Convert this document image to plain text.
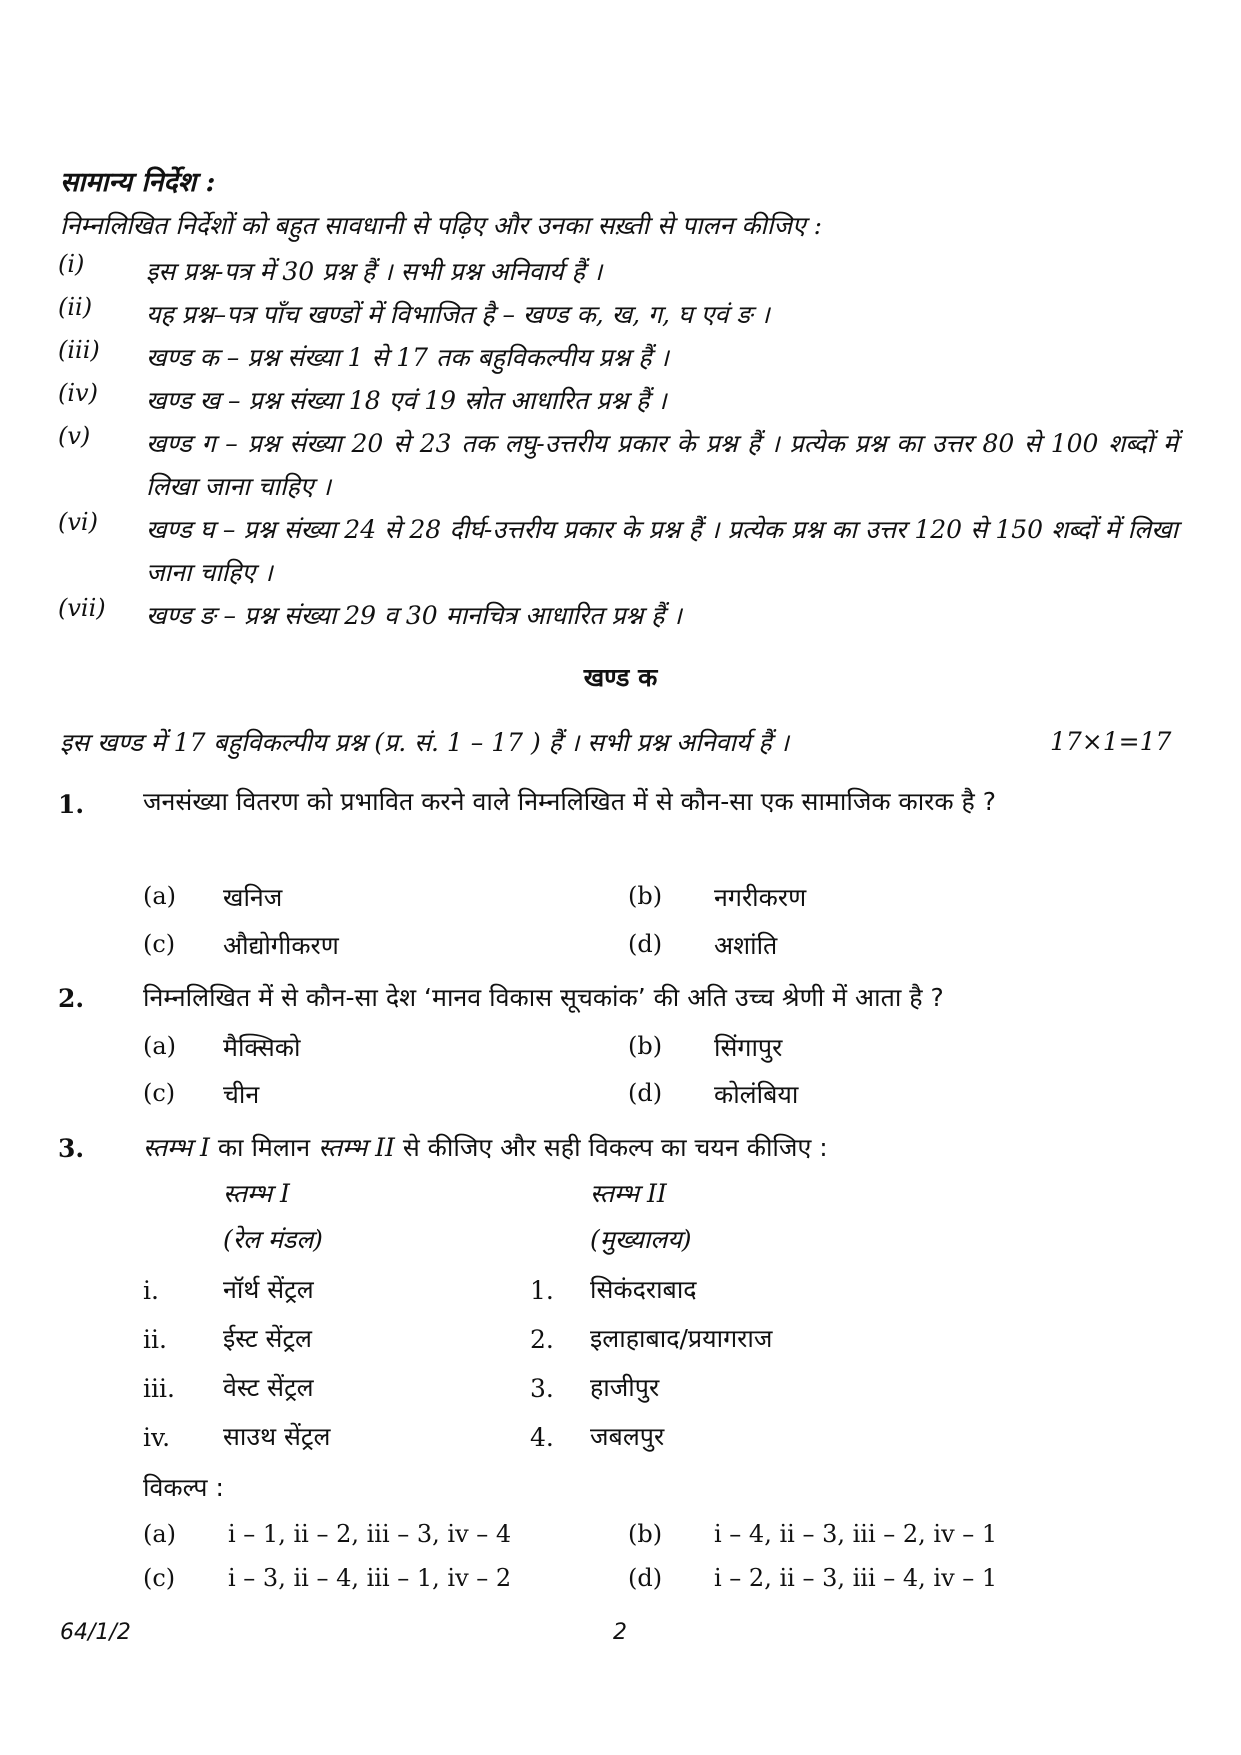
सामान्य निर्देश :
निम्नलिखित निर्देशों को बहुत सावधानी से पढ़िए और उनका सख़्ती से पालन कीजिए :
(i) इस प्रश्न-पत्र में 30 प्रश्न हैं । सभी प्रश्न अनिवार्य हैं ।
(ii) यह प्रश्न–पत्र पाँच खण्डों में विभाजित है – खण्ड क, ख, ग, घ एवं ङ ।
(iii) खण्ड क – प्रश्न संख्या 1 से 17 तक बहुविकल्पीय प्रश्न हैं ।
(iv) खण्ड ख – प्रश्न संख्या 18 एवं 19 स्रोत आधारित प्रश्न हैं ।
(v) खण्ड ग – प्रश्न संख्या 20 से 23 तक लघु-उत्तरीय प्रकार के प्रश्न हैं । प्रत्येक प्रश्न का उत्तर 80 से 100 शब्दों में लिखा जाना चाहिए ।
(vi) खण्ड घ – प्रश्न संख्या 24 से 28 दीर्घ-उत्तरीय प्रकार के प्रश्न हैं । प्रत्येक प्रश्न का उत्तर 120 से 150 शब्दों में लिखा जाना चाहिए ।
(vii) खण्ड ङ – प्रश्न संख्या 29 व 30 मानचित्र आधारित प्रश्न हैं ।
खण्ड क
इस खण्ड में 17 बहुविकल्पीय प्रश्न (प्र. सं. 1 – 17 ) हैं । सभी प्रश्न अनिवार्य हैं ।	17×1=17
1. जनसंख्या वितरण को प्रभावित करने वाले निम्नलिखित में से कौन-सा एक सामाजिक कारक है ?
(a) खनिज	(b) नगरीकरण
(c) औद्योगीकरण	(d) अशांति
2. निम्नलिखित में से कौन-सा देश ‘मानव विकास सूचकांक’ की अति उच्च श्रेणी में आता है ?
(a) मैक्सिको	(b) सिंगापुर
(c) चीन	(d) कोलंबिया
3. स्तम्भ I का मिलान स्तम्भ II से कीजिए और सही विकल्प का चयन कीजिए :
स्तम्भ I
(रेल मंडल)
स्तम्भ II
(मुख्यालय)
i.	नॉर्थ सेंट्रल	1. सिकंदराबाद
ii. ईस्ट सेंट्रल	2. इलाहाबाद/प्रयागराज
iii. वेस्ट सेंट्रल	3. हाजीपुर
iv. साउथ सेंट्रल	4. जबलपुर
विकल्प :
(a) i – 1, ii – 2, iii – 3, iv – 4	(b) i – 4, ii – 3, iii – 2, iv – 1
(c) i – 3, ii – 4, iii – 1, iv – 2	(d) i – 2, ii – 3, iii – 4, iv – 1
64/1/2	2
